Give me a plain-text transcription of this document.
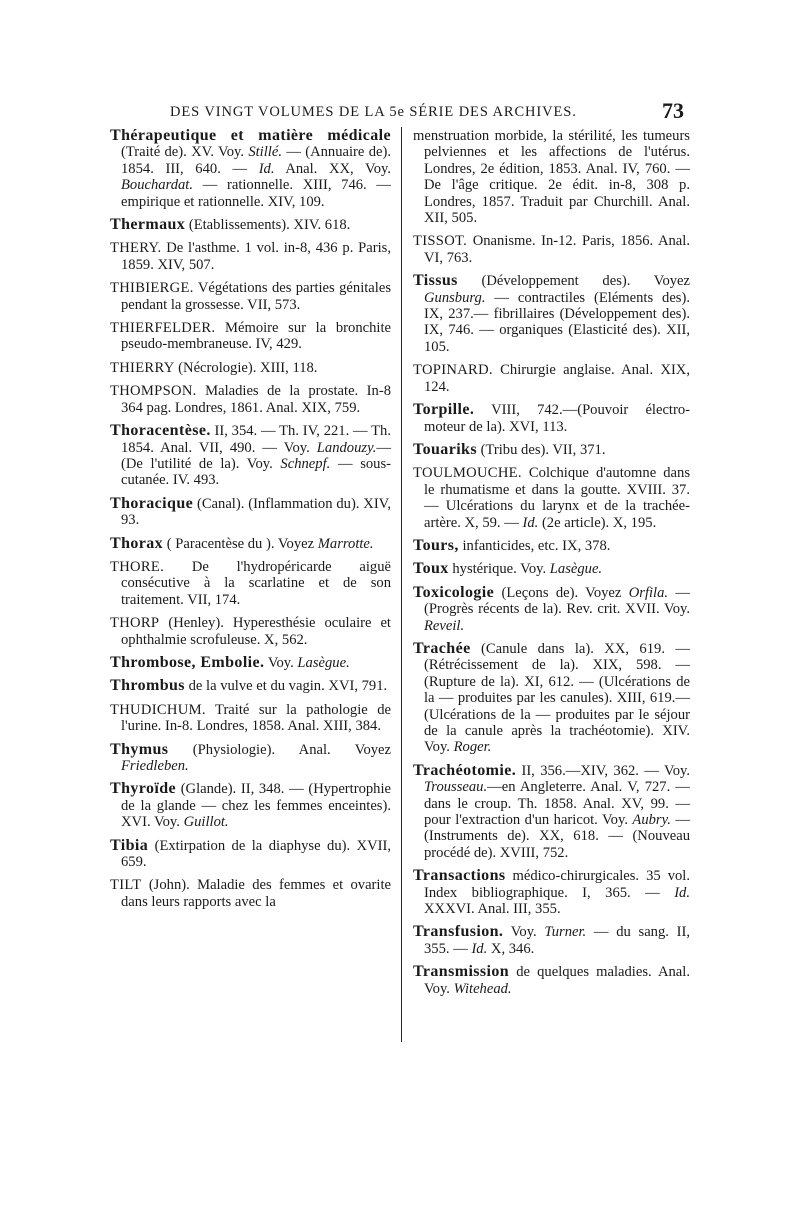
DES VINGT VOLUMES DE LA 5e SÉRIE DES ARCHIVES.	73

Thérapeutique et matière médicale (Traité de). XV. Voy. Stillé. — (Annuaire de). 1854. III, 640. — Id. Anal. XX, Voy. Bouchardat. — rationnelle. XIII, 746. — empirique et rationnelle. XIV, 109.

Thermaux (Etablissements). XIV. 618.

THERY. De l'asthme. 1 vol. in-8, 436 p. Paris, 1859. XIV, 507.

THIBIERGE. Végétations des parties génitales pendant la grossesse. VII, 573.

THIERFELDER. Mémoire sur la bronchite pseudo-membraneuse. IV, 429.

THIERRY (Nécrologie). XIII, 118.

THOMPSON. Maladies de la prostate. In-8 364 pag. Londres, 1861. Anal. XIX, 759.

Thoracentèse. II, 354. — Th. IV, 221. — Th. 1854. Anal. VII, 490. — Voy. Landouzy.—(De l'utilité de la). Voy. Schnepf. — sous-cutanée. IV. 493.

Thoracique (Canal). (Inflammation du). XIV, 93.

Thorax ( Paracentèse du ). Voyez Marrotte.

THORE. De l'hydropéricarde aiguë consécutive à la scarlatine et de son traitement. VII, 174.

THORP (Henley). Hyperesthésie oculaire et ophthalmie scrofuleuse. X, 562.

Thrombose, Embolie. Voy. Lasègue.

Thrombus de la vulve et du vagin. XVI, 791.

THUDICHUM. Traité sur la pathologie de l'urine. In-8. Londres, 1858. Anal. XIII, 384.

Thymus (Physiologie). Anal. Voyez Friedleben.

Thyroïde (Glande). II, 348. — (Hypertrophie de la glande — chez les femmes enceintes). XVI. Voy. Guillot.

Tibia (Extirpation de la diaphyse du). XVII, 659.

TILT (John). Maladie des femmes et ovarite dans leurs rapports avec la

menstruation morbide, la stérilité, les tumeurs pelviennes et les affections de l'utérus. Londres, 2e édition, 1853. Anal. IV, 760. — De l'âge critique. 2e édit. in-8, 308 p. Londres, 1857. Traduit par Churchill. Anal. XII, 505.

TISSOT. Onanisme. In-12. Paris, 1856. Anal. VI, 763.

Tissus (Développement des). Voyez Gunsburg. — contractiles (Eléments des). IX, 237.— fibrillaires (Développement des). IX, 746. — organiques (Elasticité des). XII, 105.

TOPINARD. Chirurgie anglaise. Anal. XIX, 124.

Torpille. VIII, 742.—(Pouvoir électro-moteur de la). XVI, 113.

Touariks (Tribu des). VII, 371.

TOULMOUCHE. Colchique d'automne dans le rhumatisme et dans la goutte. XVIII. 37. — Ulcérations du larynx et de la trachée-artère. X, 59. — Id. (2e article). X, 195.

Tours, infanticides, etc. IX, 378.

Toux hystérique. Voy. Lasègue.

Toxicologie (Leçons de). Voyez Orfila. — (Progrès récents de la). Rev. crit. XVII. Voy. Reveil.

Trachée (Canule dans la). XX, 619. —(Rétrécissement de la). XIX, 598. —(Rupture de la). XI, 612. — (Ulcérations de la — produites par les canules). XIII, 619.—(Ulcérations de la — produites par le séjour de la canule après la trachéotomie). XIV. Voy. Roger.

Trachéotomie. II, 356.—XIV, 362. — Voy. Trousseau.—en Angleterre. Anal. V, 727. — dans le croup. Th. 1858. Anal. XV, 99. — pour l'extraction d'un haricot. Voy. Aubry. — (Instruments de). XX, 618. — (Nouveau procédé de). XVIII, 752.

Transactions médico-chirurgicales. 35 vol. Index bibliographique. I, 365. — Id. XXXVI. Anal. III, 355.

Transfusion. Voy. Turner. — du sang. II, 355. — Id. X, 346.

Transmission de quelques maladies. Anal. Voy. Witehead.
